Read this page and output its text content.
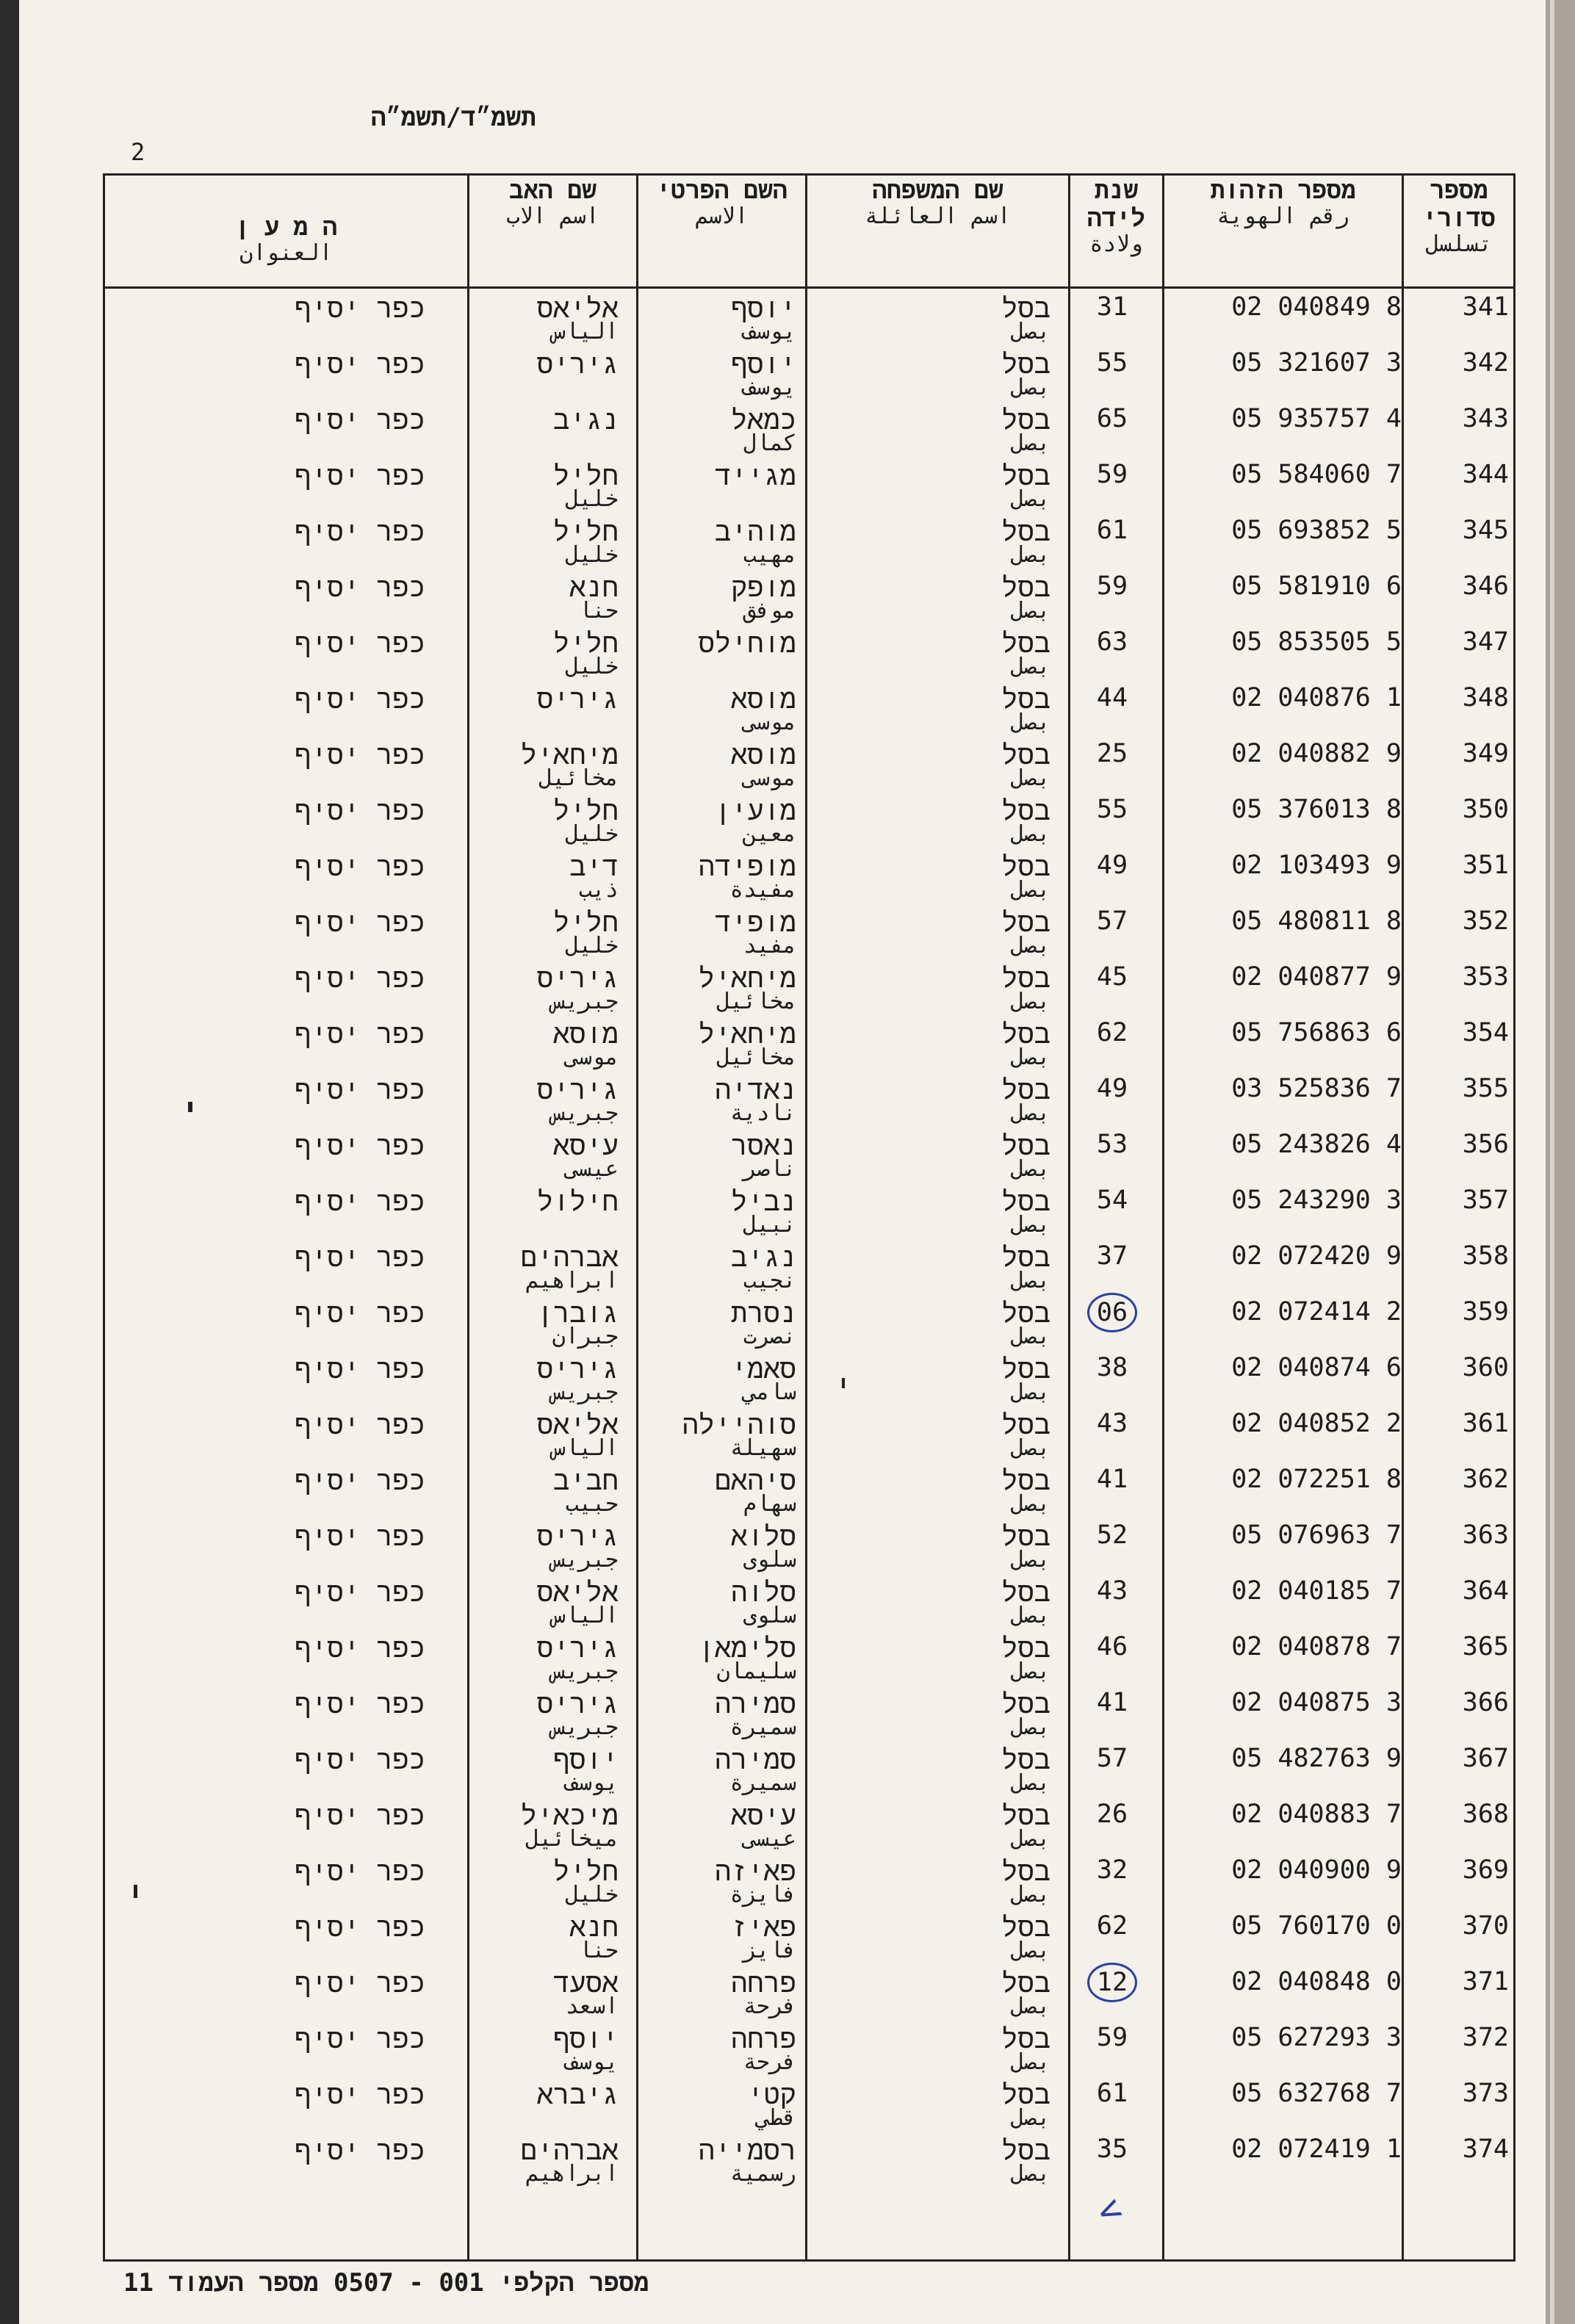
תשמ״ד/תשמ״ה
2
מספר סדורי
تسلسل
מספר הזהות
رقم الهوية
שנת לידה
ولادة
שם המשפחה
اسم العائلة
השם הפרטי
الاسم
שם האב
اسم الاب
ה מ ע ן
العنوان
341
02 040849 8
31
בסל
بصل
יוסף
يوسف
אליאס
الياس
כפר יסיף
342
05 321607 3
55
בסל
بصل
יוסף
يوسف
גיריס
כפר יסיף
343
05 935757 4
65
בסל
بصل
כמאל
كمال
נגיב
כפר יסיף
344
05 584060 7
59
בסל
بصل
מגייד
חליל
خليل
כפר יסיף
345
05 693852 5
61
בסל
بصل
מוהיב
مهيب
חליל
خليل
כפר יסיף
346
05 581910 6
59
בסל
بصل
מופק
موفق
חנא
حنا
כפר יסיף
347
05 853505 5
63
בסל
بصل
מוחילס
חליל
خليل
כפר יסיף
348
02 040876 1
44
בסל
بصل
מוסא
موسى
גיריס
כפר יסיף
349
02 040882 9
25
בסל
بصل
מוסא
موسى
מיחאיל
مخائيل
כפר יסיף
350
05 376013 8
55
בסל
بصل
מועין
معين
חליל
خليل
כפר יסיף
351
02 103493 9
49
בסל
بصل
מופידה
مفيدة
דיב
ذيب
כפר יסיף
352
05 480811 8
57
בסל
بصل
מופיד
مفيد
חליל
خليل
כפר יסיף
353
02 040877 9
45
בסל
بصل
מיחאיל
مخائيل
גיריס
جبريس
כפר יסיף
354
05 756863 6
62
בסל
بصل
מיחאיל
مخائيل
מוסא
موسى
כפר יסיף
355
03 525836 7
49
בסל
بصل
נאדיה
نادية
גיריס
جبريس
כפר יסיף
356
05 243826 4
53
בסל
بصل
נאסר
ناصر
עיסא
عيسى
כפר יסיף
357
05 243290 3
54
בסל
بصل
נביל
نبيل
חילול
כפר יסיף
358
02 072420 9
37
בסל
بصل
נגיב
نجيب
אברהים
ابراهيم
כפר יסיף
359
02 072414 2
06
בסל
بصل
נסרת
نصرت
גוברן
جبران
כפר יסיף
360
02 040874 6
38
בסל
بصل
סאמי
سامي
גיריס
جبريس
כפר יסיף
361
02 040852 2
43
בסל
بصل
סוהיילה
سهيلة
אליאס
الياس
כפר יסיף
362
02 072251 8
41
בסל
بصل
סיהאם
سهام
חביב
حبيب
כפר יסיף
363
05 076963 7
52
בסל
بصل
סלוא
سلوى
גיריס
جبريس
כפר יסיף
364
02 040185 7
43
בסל
بصل
סלוה
سلوى
אליאס
الياس
כפר יסיף
365
02 040878 7
46
בסל
بصل
סלימאן
سليمان
גיריס
جبريس
כפר יסיף
366
02 040875 3
41
בסל
بصل
סמירה
سميرة
גיריס
جبريس
כפר יסיף
367
05 482763 9
57
בסל
بصل
סמירה
سميرة
יוסף
يوسف
כפר יסיף
368
02 040883 7
26
בסל
بصل
עיסא
عيسى
מיכאיל
ميخائيل
כפר יסיף
369
02 040900 9
32
בסל
بصل
פאיזה
فايزة
חליל
خليل
כפר יסיף
370
05 760170 0
62
בסל
بصل
פאיז
فايز
חנא
حنا
כפר יסיף
371
02 040848 0
12
בסל
بصل
פרחה
فرحة
אסעד
اسعد
כפר יסיף
372
05 627293 3
59
בסל
بصل
פרחה
فرحة
יוסף
يوسف
כפר יסיף
373
05 632768 7
61
בסל
بصل
קטי
قطي
גיברא
כפר יסיף
374
02 072419 1
35
בסל
بصل
רסמייה
رسمية
אברהים
ابراهيم
כפר יסיף
<
מספר הקלפי 001 - 0507 מספר העמוד 11
